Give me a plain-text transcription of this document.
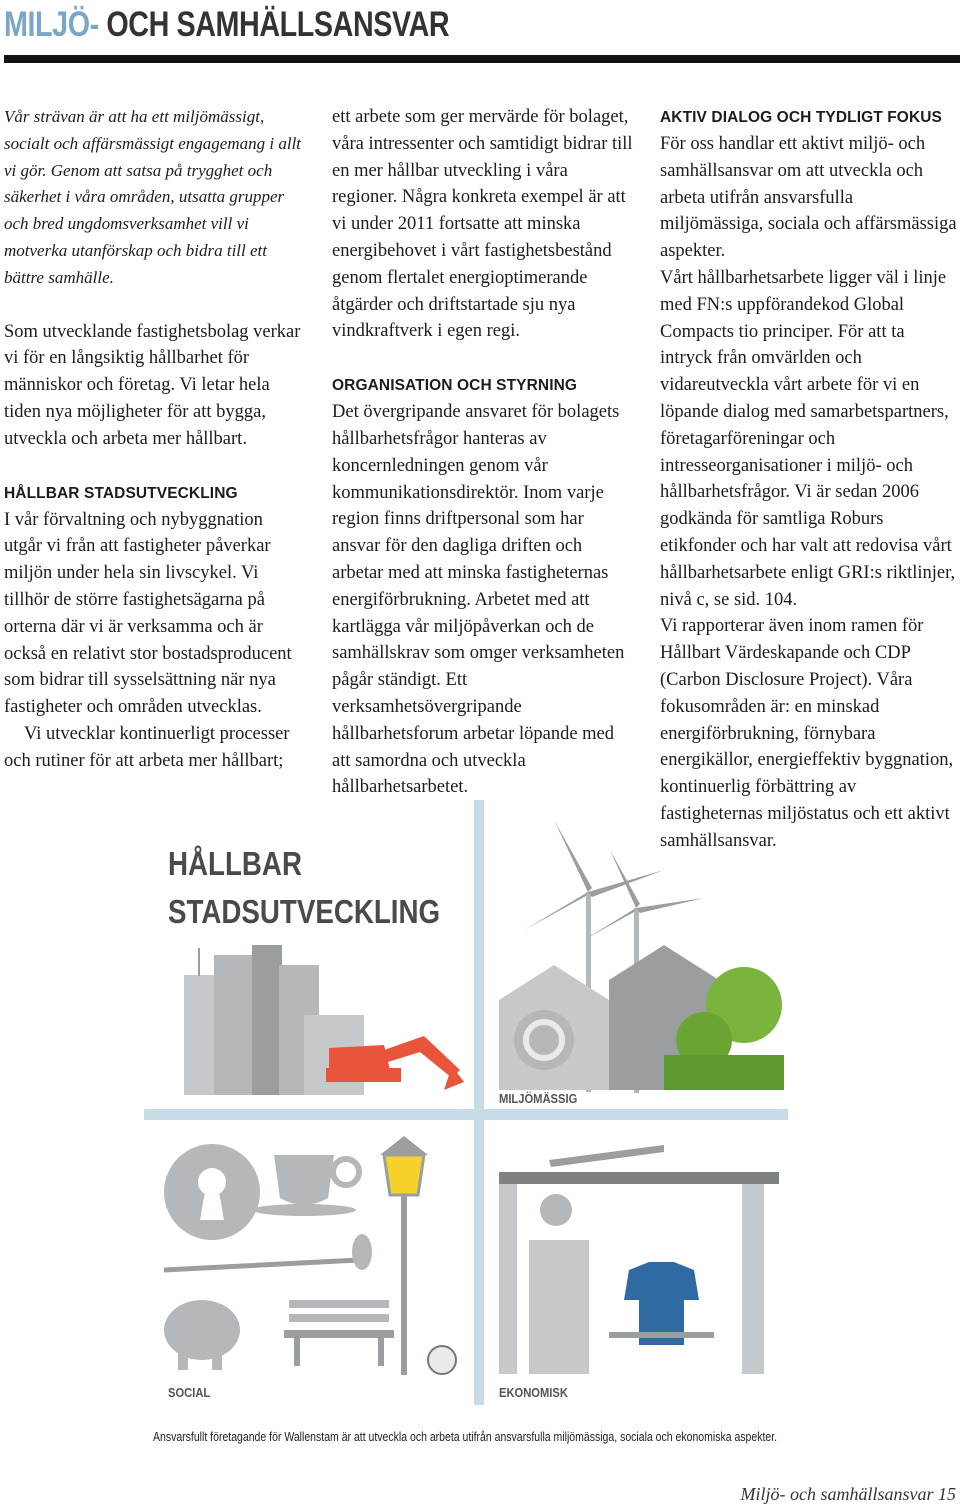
MILJÖ- OCH SAMHÄLLSANSVAR

Vår strävan är att ha ett miljömässigt, socialt och affärsmässigt engagemang i allt vi gör. Genom att satsa på trygghet och säkerhet i våra områden, utsatta grupper och bred ungdomsverksamhet vill vi motverka utanförskap och bidra till ett bättre samhälle.

Som utvecklande fastighetsbolag verkar vi för en långsiktig hållbarhet för människor och företag. Vi letar hela tiden nya möjligheter för att bygga, utveckla och arbeta mer hållbart.

HÅLLBAR STADSUTVECKLING

I vår förvaltning och nybyggnation utgår vi från att fastigheter påverkar miljön under hela sin livscykel. Vi tillhör de större fastighetsägarna på orterna där vi är verksamma och är också en relativt stor bostadsproducent som bidrar till sysselsättning när nya fastigheter och områden utvecklas.

Vi utvecklar kontinuerligt processer och rutiner för att arbeta mer hållbart;

ett arbete som ger mervärde för bolaget, våra intressenter och samtidigt bidrar till en mer hållbar utveckling i våra regioner. Några konkreta exempel är att vi under 2011 fortsatte att minska energibehovet i vårt fastighetsbestånd genom flertalet energioptimerande åtgärder och driftstartade sju nya vindkraftverk i egen regi.

ORGANISATION OCH STYRNING

Det övergripande ansvaret för bolagets hållbarhetsfrågor hanteras av koncernledningen genom vår kommunikationsdirektör. Inom varje region finns driftpersonal som har ansvar för den dagliga driften och arbetar med att minska fastigheternas energiförbrukning. Arbetet med att kartlägga vår miljöpåverkan och de samhällskrav som omger verksamheten pågår ständigt. Ett verksamhetsövergripande hållbarhetsforum arbetar löpande med att samordna och utveckla hållbarhetsarbetet.

AKTIV DIALOG OCH TYDLIGT FOKUS

För oss handlar ett aktivt miljö- och samhällsansvar om att utveckla och arbeta utifrån ansvarsfulla miljömässiga, sociala och affärsmässiga aspekter.

Vårt hållbarhetsarbete ligger väl i linje med FN:s uppförandekod Global Compacts tio principer. För att ta intryck från omvärlden och vidareutveckla vårt arbete för vi en löpande dialog med samarbetspartners, företagarföreningar och intresseorganisationer i miljö- och hållbarhetsfrågor. Vi är sedan 2006 godkända för samtliga Roburs etikfonder och har valt att redovisa vårt hållbarhetsarbete enligt GRI:s riktlinjer, nivå c, se sid. 104.

Vi rapporterar även inom ramen för Hållbart Värdeskapande och CDP (Carbon Disclosure Project). Våra fokusområden är: en minskad energiförbrukning, förnybara energikällor, energieffektiv byggnation, kontinuerlig förbättring av fastigheternas miljöstatus och ett aktivt samhällsansvar.

HÅLLBAR
STADSUTVECKLING
MILJÖMÄSSIG
SOCIAL	EKONOMISK
Ansvarsfullt företagande för Wallenstam är att utveckla och arbeta utifrån ansvarsfulla miljömässiga, sociala och ekonomiska aspekter.
Miljö- och samhällsansvar 15
